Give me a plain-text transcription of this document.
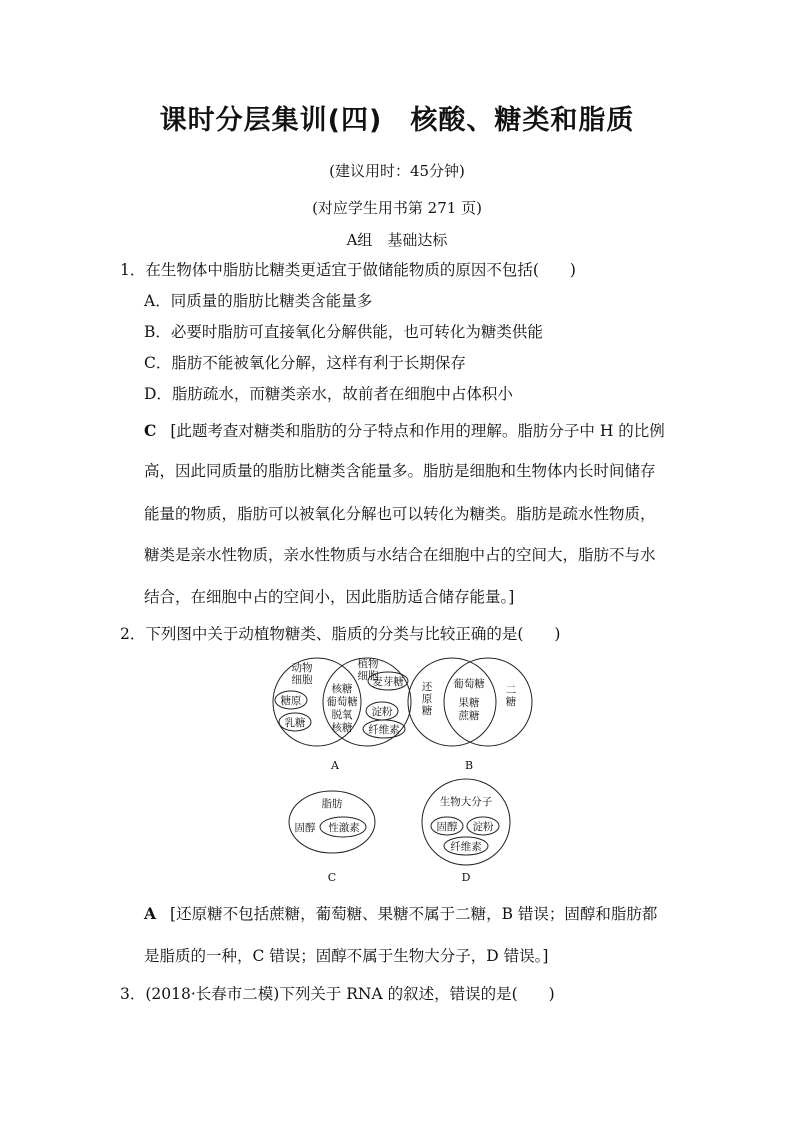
课时分层集训(四)　核酸、糖类和脂质
(建议用时：45分钟)
(对应学生用书第 271 页)
A组　基础达标
1．在生物体中脂肪比糖类更适宜于做储能物质的原因不包括(　　)
A．同质量的脂肪比糖类含能量多
B．必要时脂肪可直接氧化分解供能，也可转化为糖类供能
C．脂肪不能被氧化分解，这样有利于长期保存
D．脂肪疏水，而糖类亲水，故前者在细胞中占体积小
C [此题考查对糖类和脂肪的分子特点和作用的理解。脂肪分子中 H 的比例
高，因此同质量的脂肪比糖类含能量多。脂肪是细胞和生物体内长时间储存
能量的物质，脂肪可以被氧化分解也可以转化为糖类。脂肪是疏水性物质，
糖类是亲水性物质，亲水性物质与水结合在细胞中占的空间大，脂肪不与水
结合，在细胞中占的空间小，因此脂肪适合储存能量。]
2．下列图中关于动植物糖类、脂质的分类与比较正确的是(　　)
动物
细胞
植物
细胞
糖原
乳糖
核糖
葡萄糖
脱氧
核糖
麦芽糖
淀粉
纤维素
A
还
原
糖
二
糖
葡萄糖
果糖
蔗糖
B
脂肪
固醇 性激素
C
生物大分子
固醇 淀粉
纤维素
D
A [还原糖不包括蔗糖，葡萄糖、果糖不属于二糖，B 错误；固醇和脂肪都
是脂质的一种，C 错误；固醇不属于生物大分子，D 错误。]
3．(2018·长春市二模)下列关于 RNA 的叙述，错误的是(　　)
